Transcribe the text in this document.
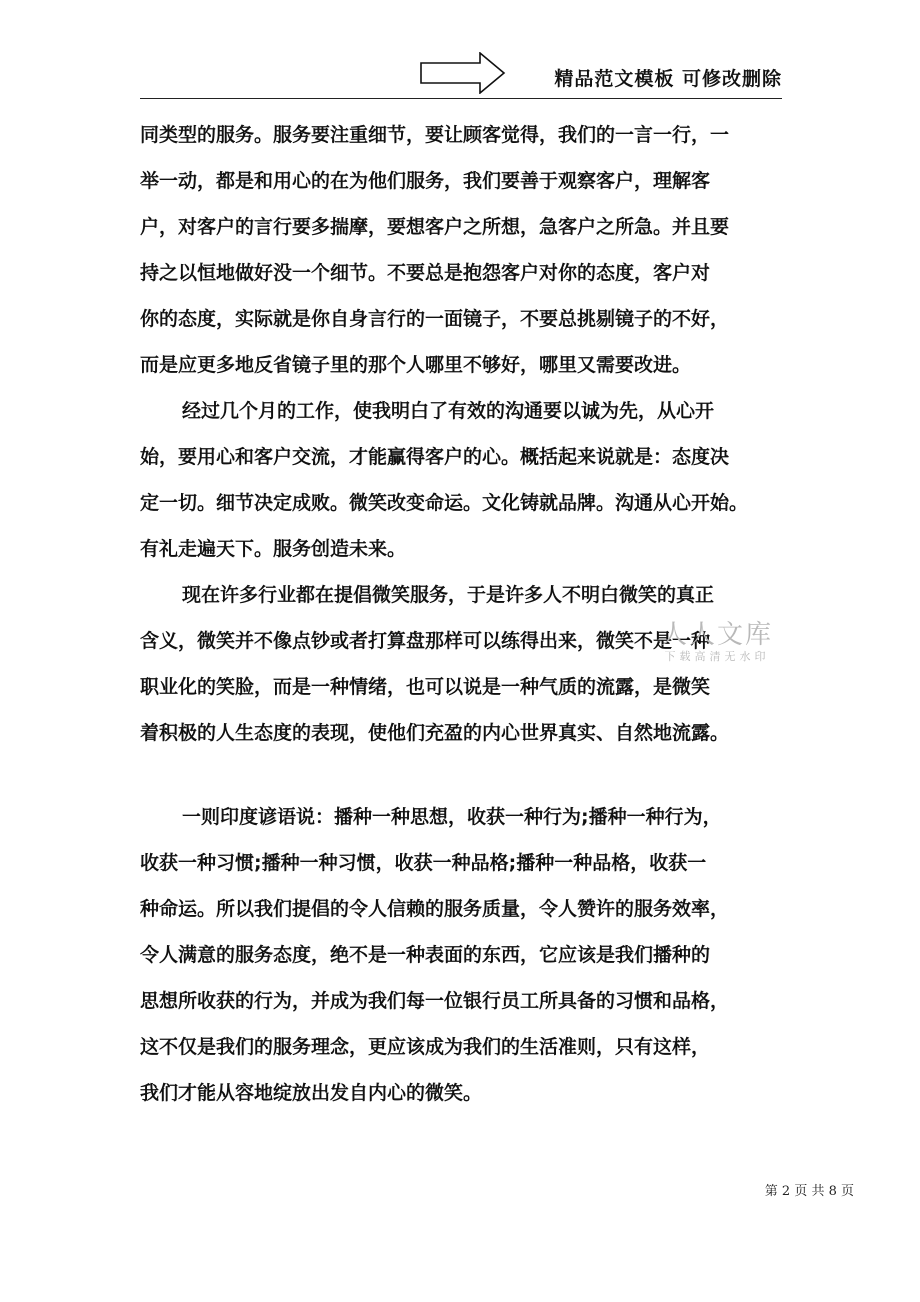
精品范文模板 可修改删除

同类型的服务。服务要注重细节，要让顾客觉得，我们的一言一行，一
举一动，都是和用心的在为他们服务，我们要善于观察客户，理解客
户，对客户的言行要多揣摩，要想客户之所想，急客户之所急。并且要
持之以恒地做好没一个细节。不要总是抱怨客户对你的态度，客户对
你的态度，实际就是你自身言行的一面镜子，不要总挑剔镜子的不好，
而是应更多地反省镜子里的那个人哪里不够好，哪里又需要改进。

经过几个月的工作，使我明白了有效的沟通要以诚为先，从心开
始，要用心和客户交流，才能赢得客户的心。概括起来说就是：态度决
定一切。细节决定成败。微笑改变命运。文化铸就品牌。沟通从心开始。
有礼走遍天下。服务创造未来。

现在许多行业都在提倡微笑服务，于是许多人不明白微笑的真正
含义，微笑并不像点钞或者打算盘那样可以练得出来，微笑不是一种
职业化的笑脸，而是一种情绪，也可以说是一种气质的流露，是微笑
着积极的人生态度的表现，使他们充盈的内心世界真实、自然地流露。

一则印度谚语说：播种一种思想，收获一种行为;播种一种行为，
收获一种习惯;播种一种习惯，收获一种品格;播种一种品格，收获一
种命运。所以我们提倡的令人信赖的服务质量，令人赞许的服务效率，
令人满意的服务态度，绝不是一种表面的东西，它应该是我们播种的
思想所收获的行为，并成为我们每一位银行员工所具备的习惯和品格，
这不仅是我们的服务理念，更应该成为我们的生活准则，只有这样，
我们才能从容地绽放出发自内心的微笑。

人人文库
下载高清无水印
第 2 页 共 8 页
